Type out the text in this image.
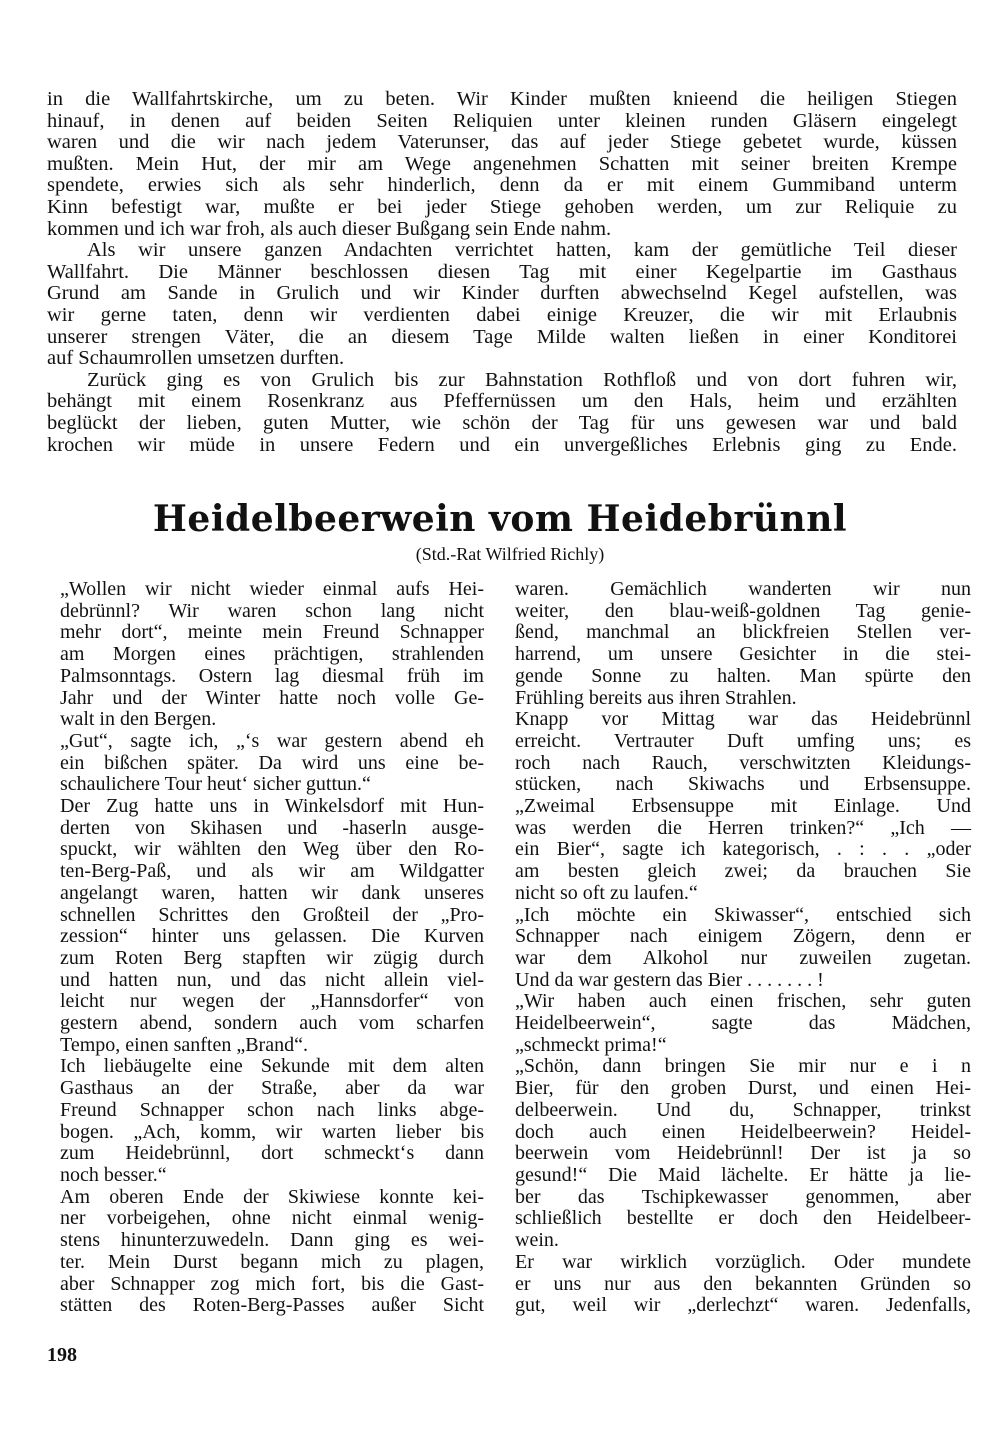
in die Wallfahrtskirche, um zu beten. Wir Kinder mußten knieend die heiligen Stiegen
hinauf, in denen auf beiden Seiten Reliquien unter kleinen runden Gläsern eingelegt
waren und die wir nach jedem Vaterunser, das auf jeder Stiege gebetet wurde, küssen
mußten. Mein Hut, der mir am Wege angenehmen Schatten mit seiner breiten Krempe
spendete, erwies sich als sehr hinderlich, denn da er mit einem Gummiband unterm
Kinn befestigt war, mußte er bei jeder Stiege gehoben werden, um zur Reliquie zu
kommen und ich war froh, als auch dieser Bußgang sein Ende nahm.
Als wir unsere ganzen Andachten verrichtet hatten, kam der gemütliche Teil dieser
Wallfahrt. Die Männer beschlossen diesen Tag mit einer Kegelpartie im Gasthaus
Grund am Sande in Grulich und wir Kinder durften abwechselnd Kegel aufstellen, was
wir gerne taten, denn wir verdienten dabei einige Kreuzer, die wir mit Erlaubnis
unserer strengen Väter, die an diesem Tage Milde walten ließen in einer Konditorei
auf Schaumrollen umsetzen durften.
Zurück ging es von Grulich bis zur Bahnstation Rothfloß und von dort fuhren wir,
behängt mit einem Rosenkranz aus Pfeffernüssen um den Hals, heim und erzählten
beglückt der lieben, guten Mutter, wie schön der Tag für uns gewesen war und bald
krochen wir müde in unsere Federn und ein unvergeßliches Erlebnis ging zu Ende.
Heidelbeerwein vom Heidebrünnl
(Std.-Rat Wilfried Richly)
„Wollen wir nicht wieder einmal aufs Hei-
debrünnl? Wir waren schon lang nicht
mehr dort“, meinte mein Freund Schnapper
am Morgen eines prächtigen, strahlenden
Palmsonntags. Ostern lag diesmal früh im
Jahr und der Winter hatte noch volle Ge-
walt in den Bergen.
„Gut“, sagte ich, „‘s war gestern abend eh
ein bißchen später. Da wird uns eine be-
schaulichere Tour heut‘ sicher guttun.“
Der Zug hatte uns in Winkelsdorf mit Hun-
derten von Skihasen und -haserln ausge-
spuckt, wir wählten den Weg über den Ro-
ten-Berg-Paß, und als wir am Wildgatter
angelangt waren, hatten wir dank unseres
schnellen Schrittes den Großteil der „Pro-
zession“ hinter uns gelassen. Die Kurven
zum Roten Berg stapften wir zügig durch
und hatten nun, und das nicht allein viel-
leicht nur wegen der „Hannsdorfer“ von
gestern abend, sondern auch vom scharfen
Tempo, einen sanften „Brand“.
Ich liebäugelte eine Sekunde mit dem alten
Gasthaus an der Straße, aber da war
Freund Schnapper schon nach links abge-
bogen. „Ach, komm, wir warten lieber bis
zum Heidebrünnl, dort schmeckt‘s dann
noch besser.“
Am oberen Ende der Skiwiese konnte kei-
ner vorbeigehen, ohne nicht einmal wenig-
stens hinunterzuwedeln. Dann ging es wei-
ter. Mein Durst begann mich zu plagen,
aber Schnapper zog mich fort, bis die Gast-
stätten des Roten-Berg-Passes außer Sicht
waren. Gemächlich wanderten wir nun
weiter, den blau-weiß-goldnen Tag genie-
ßend, manchmal an blickfreien Stellen ver-
harrend, um unsere Gesichter in die stei-
gende Sonne zu halten. Man spürte den
Frühling bereits aus ihren Strahlen.
Knapp vor Mittag war das Heidebrünnl
erreicht. Vertrauter Duft umfing uns; es
roch nach Rauch, verschwitzten Kleidungs-
stücken, nach Skiwachs und Erbsensuppe.
„Zweimal Erbsensuppe mit Einlage. Und
was werden die Herren trinken?“ „Ich —
ein Bier“, sagte ich kategorisch, . : . . „oder
am besten gleich zwei; da brauchen Sie
nicht so oft zu laufen.“
„Ich möchte ein Skiwasser“, entschied sich
Schnapper nach einigem Zögern, denn er
war dem Alkohol nur zuweilen zugetan.
Und da war gestern das Bier . . . . . . . !
„Wir haben auch einen frischen, sehr guten
Heidelbeerwein“, sagte das Mädchen,
„schmeckt prima!“
„Schön, dann bringen Sie mir nur e i n
Bier, für den groben Durst, und einen Hei-
delbeerwein. Und du, Schnapper, trinkst
doch auch einen Heidelbeerwein? Heidel-
beerwein vom Heidebrünnl! Der ist ja so
gesund!“ Die Maid lächelte. Er hätte ja lie-
ber das Tschipkewasser genommen, aber
schließlich bestellte er doch den Heidelbeer-
wein.
Er war wirklich vorzüglich. Oder mundete
er uns nur aus den bekannten Gründen so
gut, weil wir „derlechzt“ waren. Jedenfalls,
198
